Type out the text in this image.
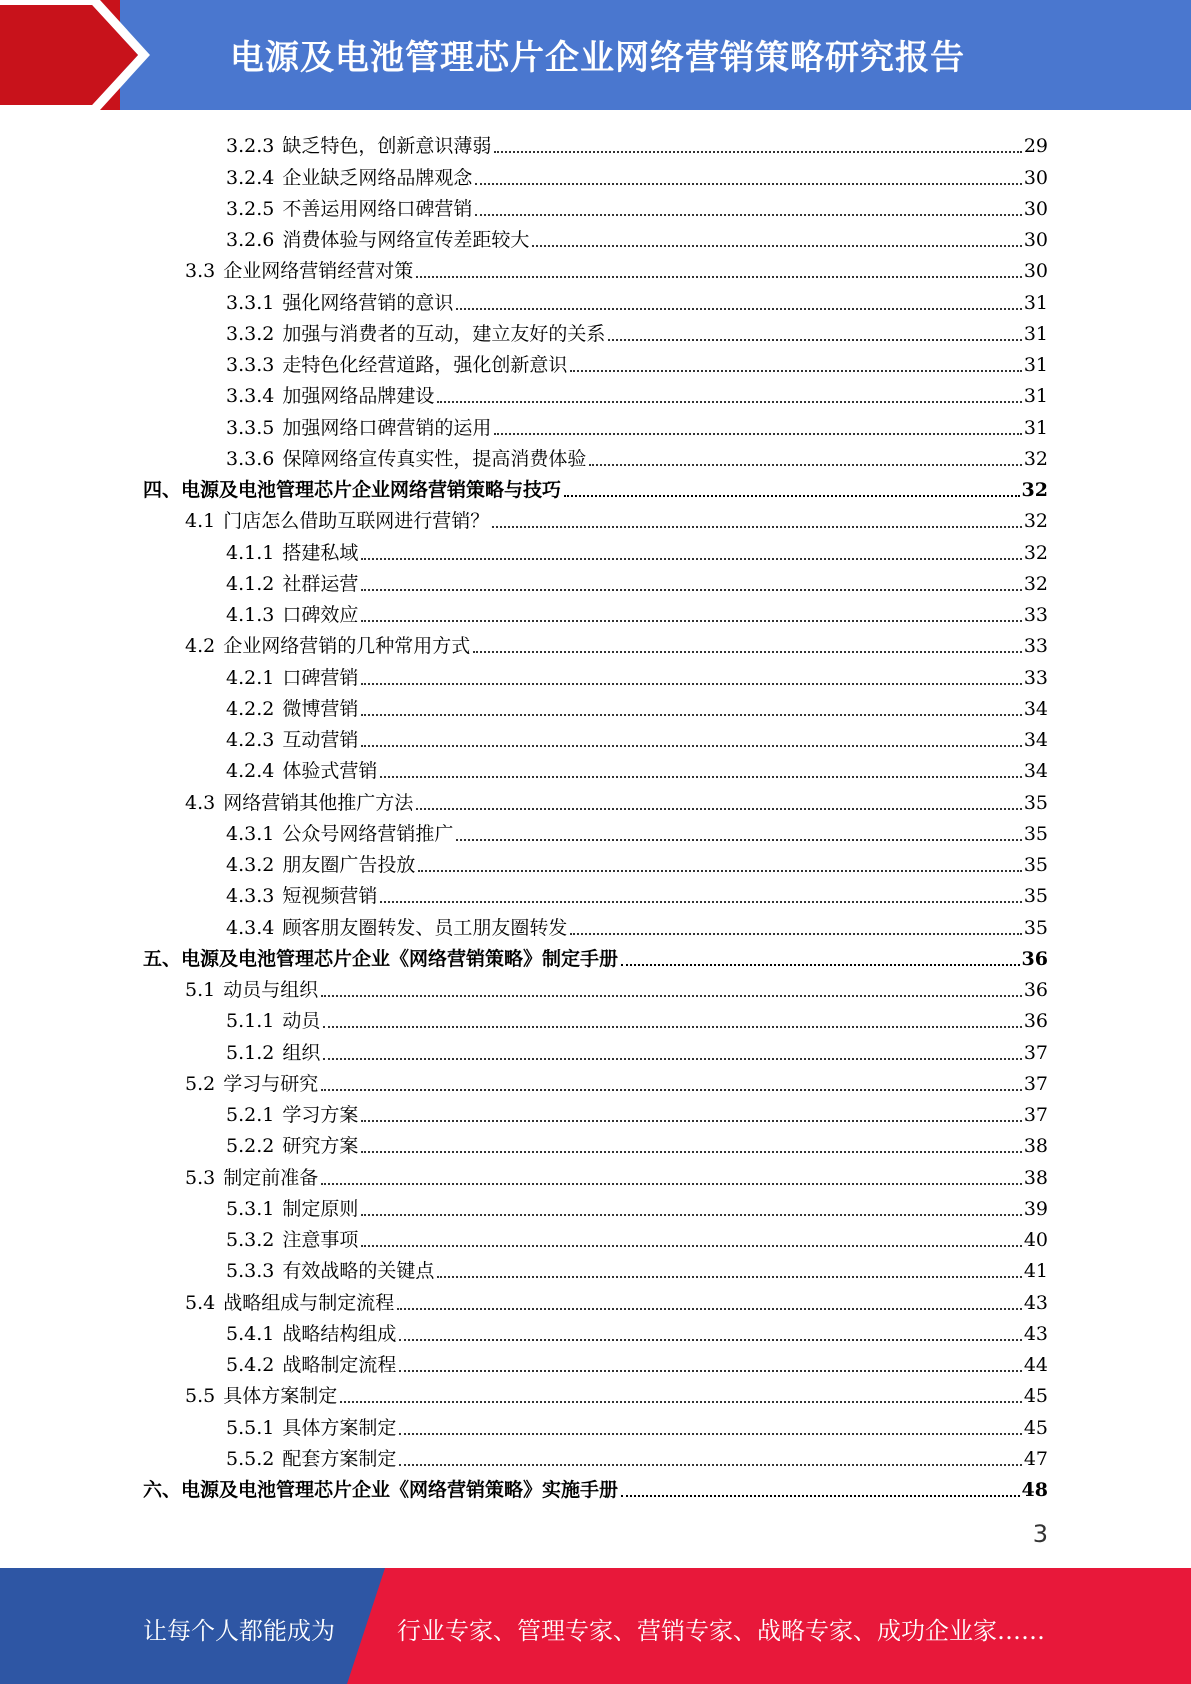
电源及电池管理芯片企业网络营销策略研究报告
3.2.3 缺乏特色，创新意识薄弱	29
3.2.4 企业缺乏网络品牌观念	30
3.2.5 不善运用网络口碑营销	30
3.2.6 消费体验与网络宣传差距较大	30
3.3 企业网络营销经营对策	30
3.3.1 强化网络营销的意识	31
3.3.2 加强与消费者的互动，建立友好的关系	31
3.3.3 走特色化经营道路，强化创新意识	31
3.3.4 加强网络品牌建设	31
3.3.5 加强网络口碑营销的运用	31
3.3.6 保障网络宣传真实性，提高消费体验	32
四、电源及电池管理芯片企业网络营销策略与技巧	32
4.1 门店怎么借助互联网进行营销？	32
4.1.1 搭建私域	32
4.1.2 社群运营	32
4.1.3 口碑效应	33
4.2 企业网络营销的几种常用方式	33
4.2.1 口碑营销	33
4.2.2 微博营销	34
4.2.3 互动营销	34
4.2.4 体验式营销	34
4.3 网络营销其他推广方法	35
4.3.1 公众号网络营销推广	35
4.3.2 朋友圈广告投放	35
4.3.3 短视频营销	35
4.3.4 顾客朋友圈转发、员工朋友圈转发	35
五、电源及电池管理芯片企业《网络营销策略》制定手册	36
5.1 动员与组织	36
5.1.1 动员	36
5.1.2 组织	37
5.2 学习与研究	37
5.2.1 学习方案	37
5.2.2 研究方案	38
5.3 制定前准备	38
5.3.1 制定原则	39
5.3.2 注意事项	40
5.3.3 有效战略的关键点	41
5.4 战略组成与制定流程	43
5.4.1 战略结构组成	43
5.4.2 战略制定流程	44
5.5 具体方案制定	45
5.5.1 具体方案制定	45
5.5.2 配套方案制定	47
六、电源及电池管理芯片企业《网络营销策略》实施手册	48
3
让每个人都能成为	行业专家、管理专家、营销专家、战略专家、成功企业家……
